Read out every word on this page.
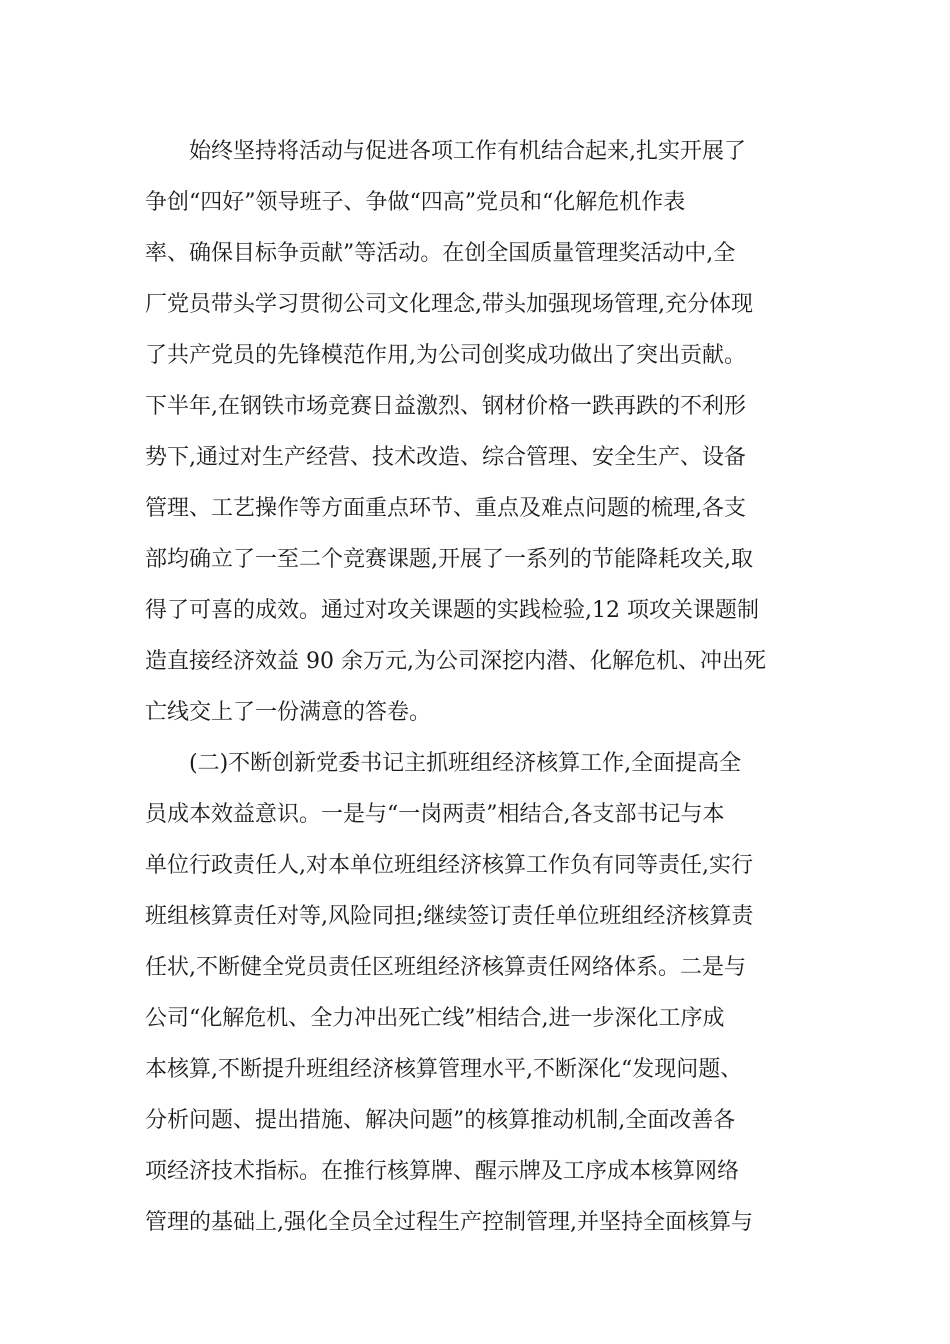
始终坚持将活动与促进各项工作有机结合起来,扎实开展了
争创“四好”领导班子、争做“四高”党员和“化解危机作表
率、确保目标争贡献”等活动。在创全国质量管理奖活动中,全
厂党员带头学习贯彻公司文化理念,带头加强现场管理,充分体现
了共产党员的先锋模范作用,为公司创奖成功做出了突出贡献。
下半年,在钢铁市场竞赛日益激烈、钢材价格一跌再跌的不利形
势下,通过对生产经营、技术改造、综合管理、安全生产、设备
管理、工艺操作等方面重点环节、重点及难点问题的梳理,各支
部均确立了一至二个竞赛课题,开展了一系列的节能降耗攻关,取
得了可喜的成效。通过对攻关课题的实践检验,12 项攻关课题制
造直接经济效益 90 余万元,为公司深挖内潜、化解危机、冲出死
亡线交上了一份满意的答卷。
(二)不断创新党委书记主抓班组经济核算工作,全面提高全
员成本效益意识。一是与“一岗两责”相结合,各支部书记与本
单位行政责任人,对本单位班组经济核算工作负有同等责任,实行
班组核算责任对等,风险同担;继续签订责任单位班组经济核算责
任状,不断健全党员责任区班组经济核算责任网络体系。二是与
公司“化解危机、全力冲出死亡线”相结合,进一步深化工序成
本核算,不断提升班组经济核算管理水平,不断深化“发现问题、
分析问题、提出措施、解决问题”的核算推动机制,全面改善各
项经济技术指标。在推行核算牌、醒示牌及工序成本核算网络
管理的基础上,强化全员全过程生产控制管理,并坚持全面核算与
